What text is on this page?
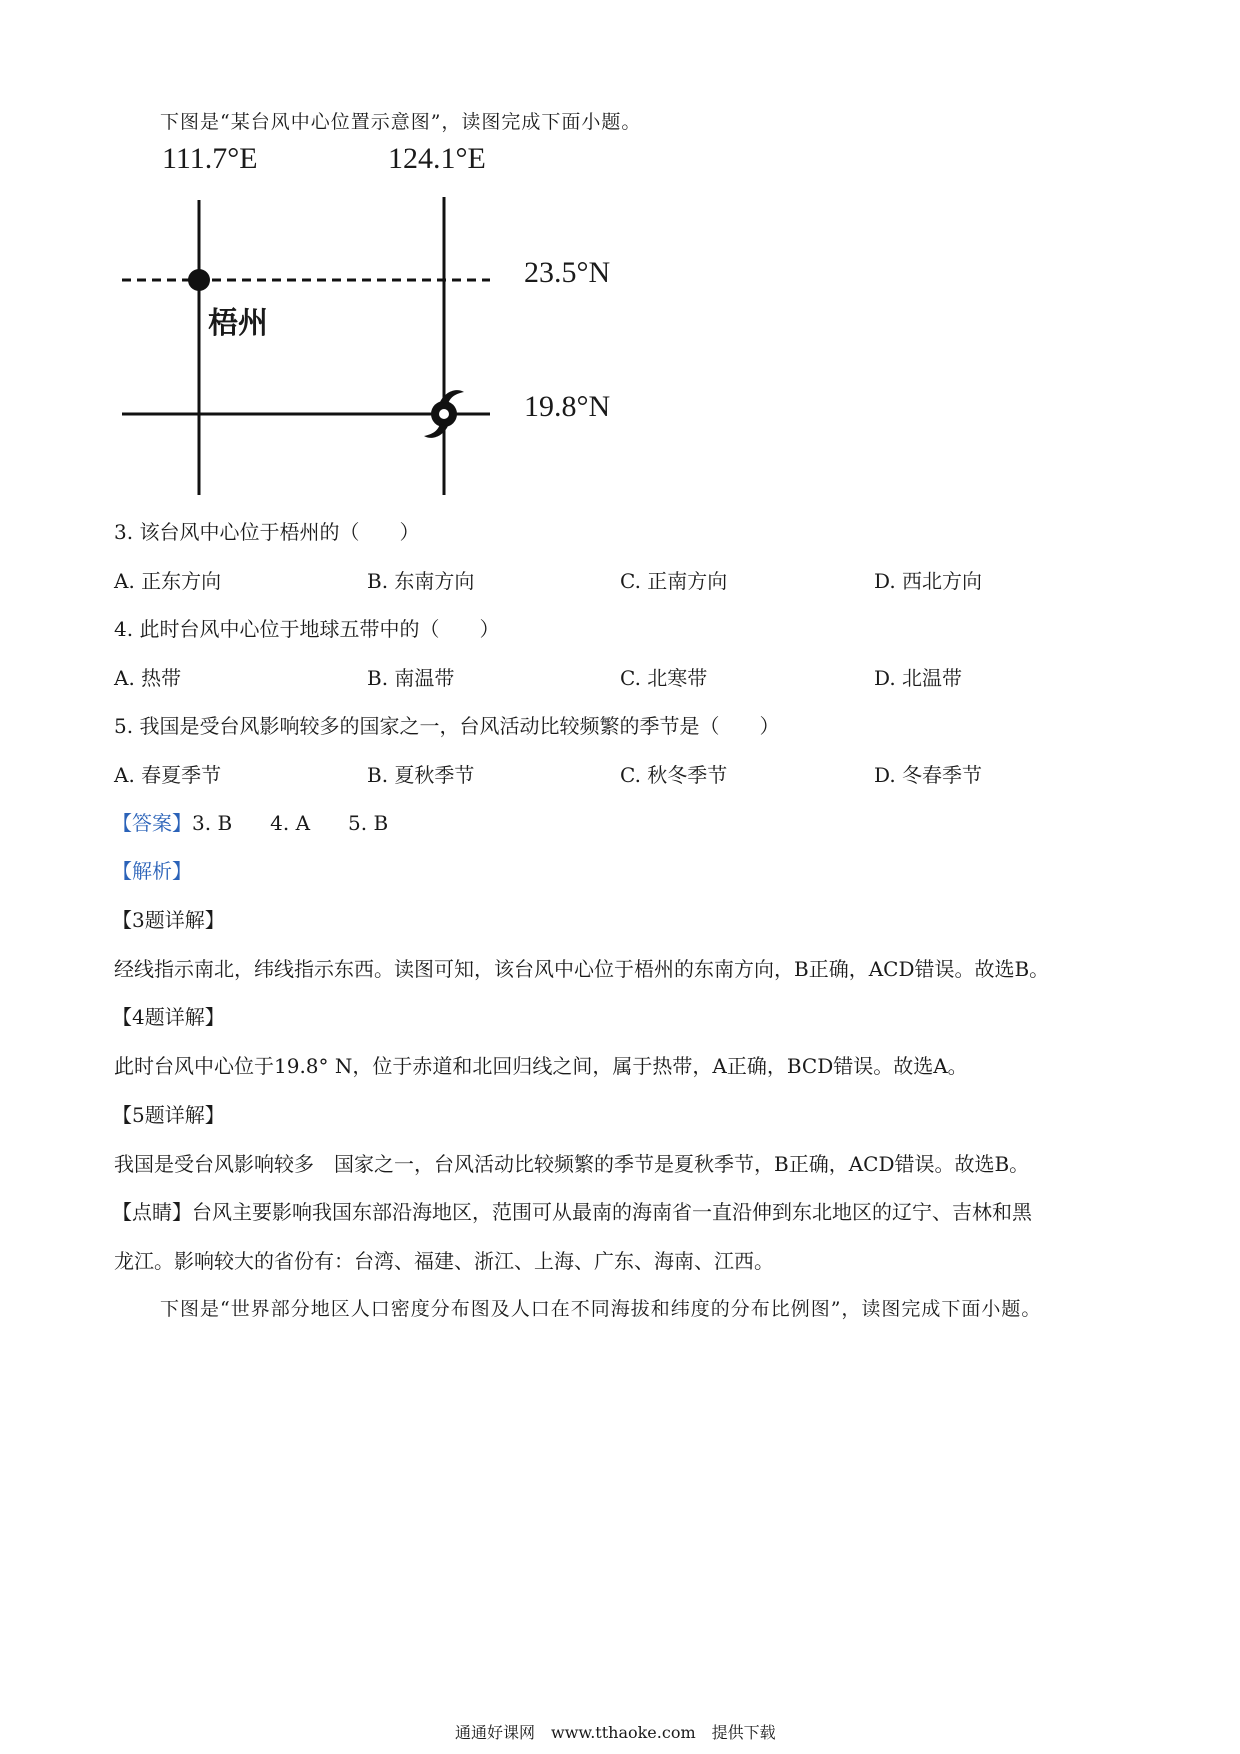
下图是“某台风中心位置示意图”，读图完成下面小题。
111.7°E	124.1°E
23.5°N
梧州
19.8°N
3. 该台风中心位于梧州的（　　）
A. 正东方向	B. 东南方向	C. 正南方向	D. 西北方向
4. 此时台风中心位于地球五带中的（　　）
A. 热带	B. 南温带	C. 北寒带	D. 北温带
5. 我国是受台风影响较多的国家之一，台风活动比较频繁的季节是（　　）
A. 春夏季节	B. 夏秋季节	C. 秋冬季节	D. 冬春季节
【答案】3. B 4. A 5. B
【解析】
【3题详解】
经线指示南北，纬线指示东西。读图可知，该台风中心位于梧州的东南方向，B正确，ACD错误。故选B。
【4题详解】
此时台风中心位于19.8° N，位于赤道和北回归线之间，属于热带，A正确，BCD错误。故选A。
【5题详解】
我国是受台风影响较多　国家之一，台风活动比较频繁的季节是夏秋季节，B正确，ACD错误。故选B。
【点睛】台风主要影响我国东部沿海地区，范围可从最南的海南省一直沿伸到东北地区的辽宁、吉林和黑
龙江。影响较大的省份有：台湾、福建、浙江、上海、广东、海南、江西。
下图是“世界部分地区人口密度分布图及人口在不同海拔和纬度的分布比例图”，读图完成下面小题。
通通好课网　www.tthaoke.com　提供下载
